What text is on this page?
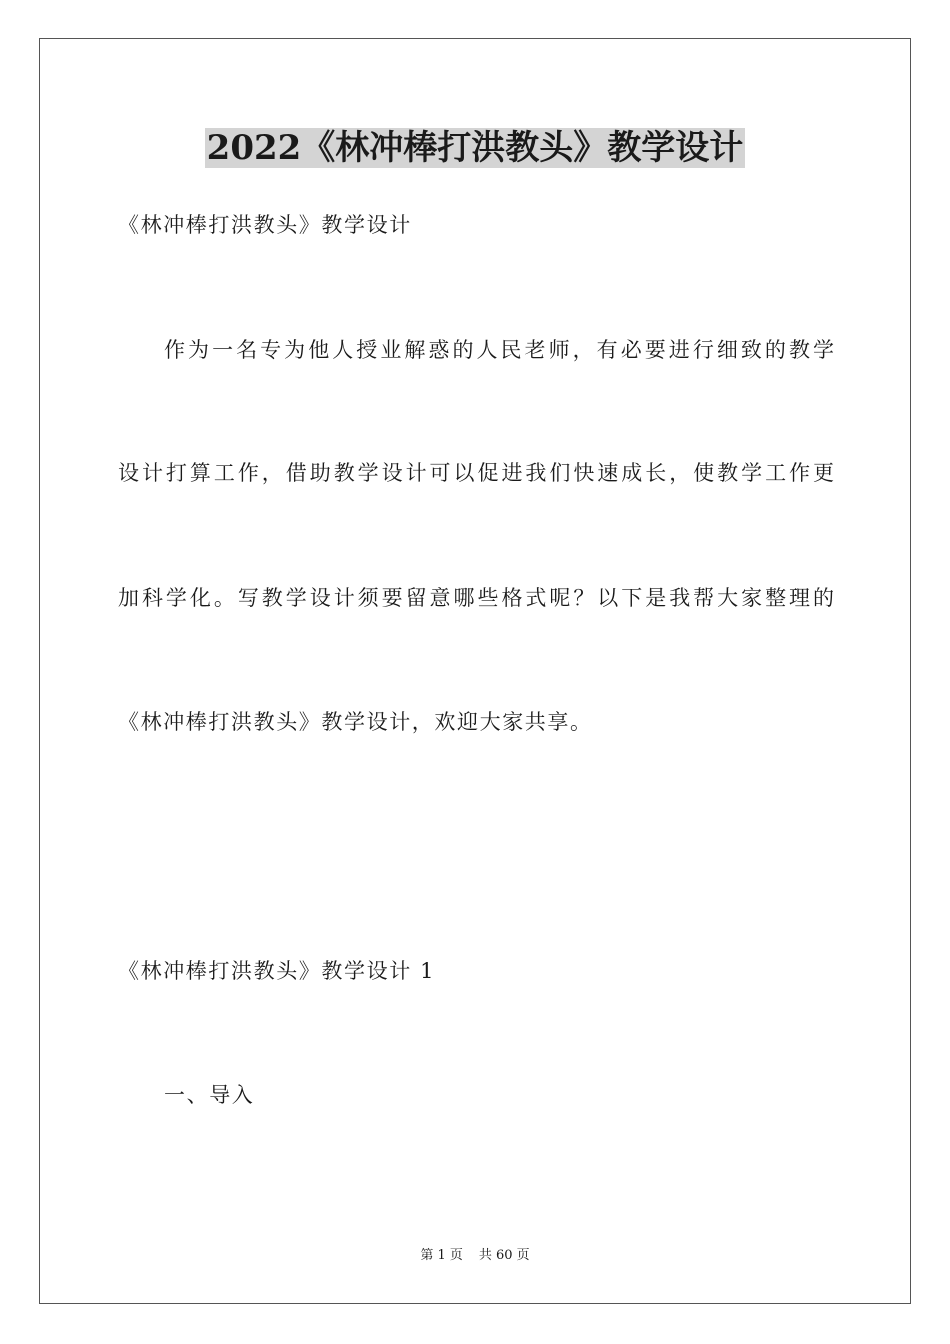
2022《林冲棒打洪教头》教学设计
《林冲棒打洪教头》教学设计
作为一名专为他人授业解惑的人民老师，有必要进行细致的教学
设计打算工作，借助教学设计可以促进我们快速成长，使教学工作更
加科学化。写教学设计须要留意哪些格式呢？以下是我帮大家整理的
《林冲棒打洪教头》教学设计，欢迎大家共享。
《林冲棒打洪教头》教学设计 1
一、导入
第 1 页 共 60 页
